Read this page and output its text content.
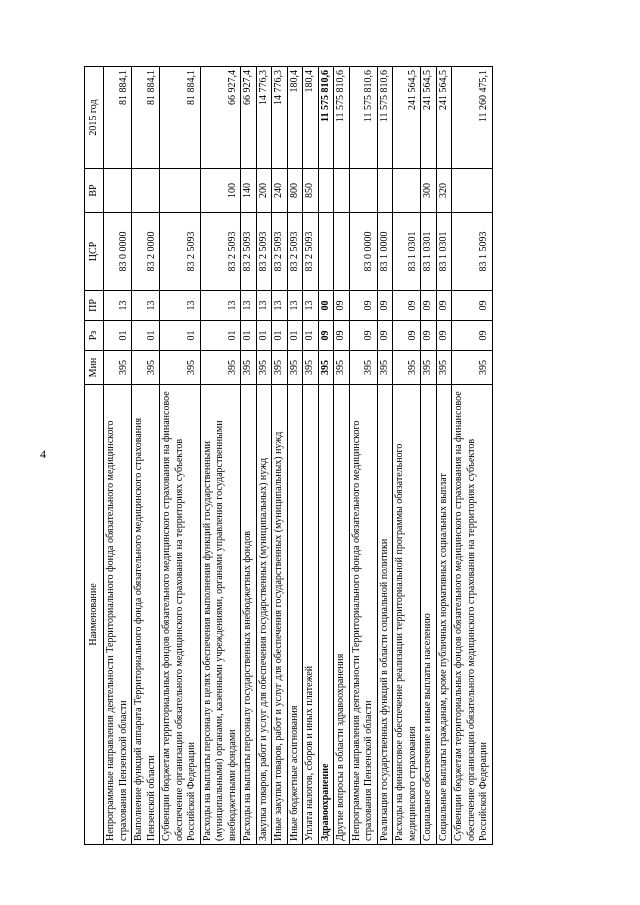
4
Наименование	Мин	Рз	ПР	ЦСР	ВР	2015 год
Непрограммные направления деятельности Территориального фонда обязательного медицинского страхования Пензенской области	395	01	13	83 0 0000		81 884,1
Выполнение функций аппарата Территориального фонда обязательного медицинского страхования Пензенской области	395	01	13	83 2 0000		81 884,1
Субвенции бюджетам территориальных фондов обязательного медицинского страхования на финансовое обеспечение организации обязательного медицинского страхования на территориях субъектов Российской Федерации	395	01	13	83 2 5093		81 884,1
Расходы на выплаты персоналу в целях обеспечения выполнения функций государственными (муниципальными) органами, казенными учреждениями, органами управления государственными внебюджетными фондами	395	01	13	83 2 5093	100	66 927,4
Расходы на выплаты персоналу государственных внебюджетных фондов	395	01	13	83 2 5093	140	66 927,4
Закупка товаров, работ и услуг для обеспечения государственных (муниципальных) нужд	395	01	13	83 2 5093	200	14 776,3
Иные закупки товаров, работ и услуг для обеспечения государственных (муниципальных) нужд	395	01	13	83 2 5093	240	14 776,3
Иные бюджетные ассигнования	395	01	13	83 2 5093	800	180,4
Уплата налогов, сборов и иных платежей	395	01	13	83 2 5093	850	180,4
Здравоохранение	395	09	00			11 575 810,6
Другие вопросы в области здравоохранения	395	09	09			11 575 810,6
Непрограммные направления деятельности Территориального фонда обязательного медицинского страхования Пензенской области	395	09	09	83 0 0000		11 575 810,6
Реализация государственных функций в области социальной политики	395	09	09	83 1 0000		11 575 810,6
Расходы на финансовое обеспечение реализации территориальной программы обязательного медицинского страхования	395	09	09	83 1 0301		241 564,5
Социальное обеспечение и иные выплаты населению	395	09	09	83 1 0301	300	241 564,5
Социальные выплаты гражданам, кроме публичных нормативных социальных выплат	395	09	09	83 1 0301	320	241 564,5
Субвенции бюджетам территориальных фондов обязательного медицинского страхования на финансовое обеспечение организации обязательного медицинского страхования на территориях субъектов Российской Федерации	395	09	09	83 1 5093		11 260 475,1
